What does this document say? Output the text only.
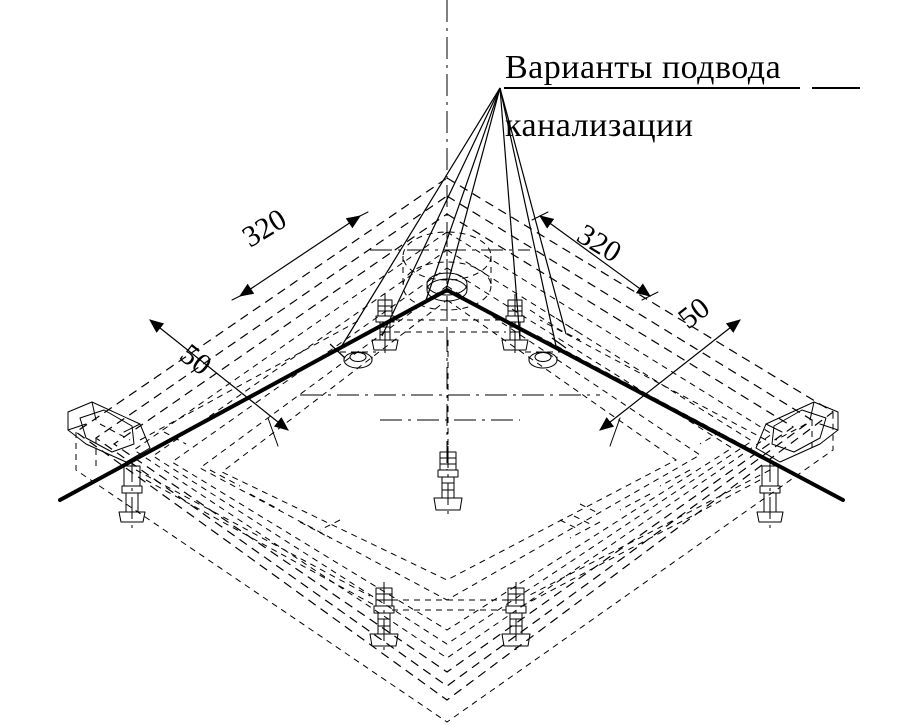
320	320
50
50
Варианты подвода
канализации
